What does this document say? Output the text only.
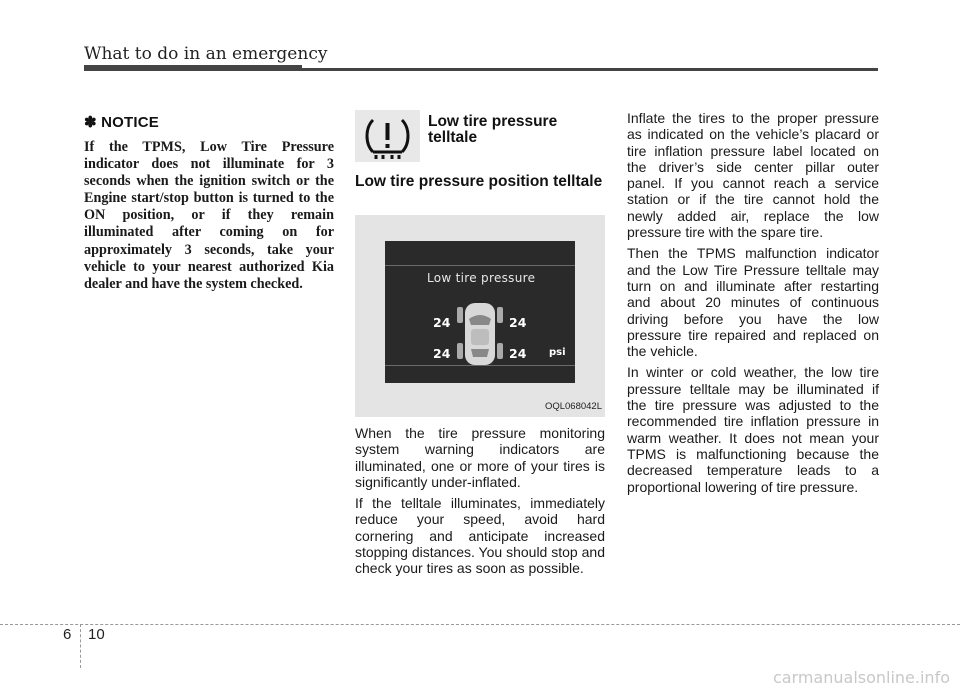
What to do in an emergency
✽ NOTICE
If the TPMS, Low Tire Pressure indicator does not illuminate for 3 seconds when the ignition switch or the Engine start/stop button is turned to the ON position, or if they remain illuminated after coming on for approximately 3 seconds, take your vehicle to your nearest authorized Kia dealer and have the system checked.
Low tire pressure telltale
Low tire pressure position telltale
Low tire pressure
24	24
24	24 psi
OQL068042L

When the tire pressure monitoring system warning indicators are illuminated, one or more of your tires is significantly under-inflated.

If the telltale illuminates, immediately reduce your speed, avoid hard cornering and anticipate increased stopping distances. You should stop and check your tires as soon as possible.

Inflate the tires to the proper pressure as indicated on the vehicle’s placard or tire inflation pressure label located on the driver’s side center pillar outer panel. If you cannot reach a service station or if the tire cannot hold the newly added air, replace the low pressure tire with the spare tire.

Then the TPMS malfunction indicator and the Low Tire Pressure telltale may turn on and illuminate after restarting and about 20 minutes of continuous driving before you have the low pressure tire repaired and replaced on the vehicle.

In winter or cold weather, the low tire pressure telltale may be illuminated if the tire pressure was adjusted to the recommended tire inflation pressure in warm weather. It does not mean your TPMS is malfunctioning because the decreased temperature leads to a proportional lowering of tire pressure.

6 10
carmanualsonline.info
